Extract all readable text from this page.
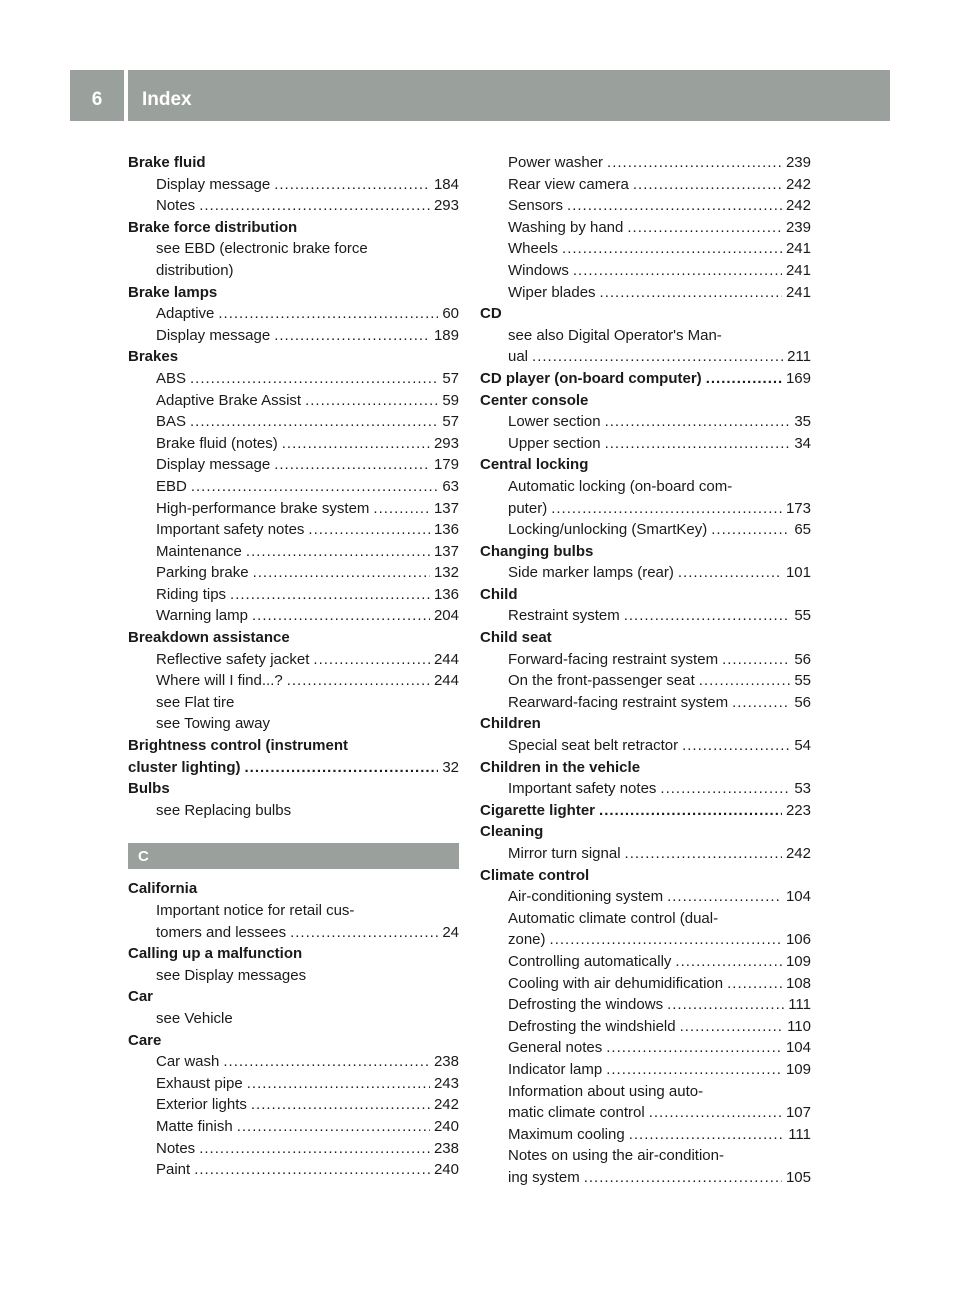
6	Index
Brake fluid
Display message .....	184
Notes .....	293
Brake force distribution
see EBD (electronic brake force
distribution)
Brake lamps
Adaptive .....	60
Display message .....	189
Brakes
ABS .....	57
Adaptive Brake Assist .....	59
BAS .....	57
Brake fluid (notes) .....	293
Display message .....	179
EBD .....	63
High-performance brake system .....	137
Important safety notes .....	136
Maintenance .....	137
Parking brake .....	132
Riding tips .....	136
Warning lamp .....	204
Breakdown assistance
Reflective safety jacket .....	244
Where will I find...? .....	244
see Flat tire
see Towing away
Brightness control (instrument
cluster lighting) .....	32
Bulbs
see Replacing bulbs
C
California
Important notice for retail cus-
tomers and lessees .....	24
Calling up a malfunction
see Display messages
Car
see Vehicle
Care
Car wash .....	238
Exhaust pipe .....	243
Exterior lights .....	242
Matte finish .....	240
Notes .....	238
Paint .....	240
Power washer .....	239
Rear view camera .....	242
Sensors .....	242
Washing by hand .....	239
Wheels .....	241
Windows .....	241
Wiper blades .....	241
CD
see also Digital Operator's Man-
ual .....	211
CD player (on-board computer) .....	169
Center console
Lower section .....	35
Upper section .....	34
Central locking
Automatic locking (on-board com-
puter) .....	173
Locking/unlocking (SmartKey) .....	65
Changing bulbs
Side marker lamps (rear) .....	101
Child
Restraint system .....	55
Child seat
Forward-facing restraint system .....	56
On the front-passenger seat .....	55
Rearward-facing restraint system .....	56
Children
Special seat belt retractor .....	54
Children in the vehicle
Important safety notes .....	53
Cigarette lighter .....	223
Cleaning
Mirror turn signal .....	242
Climate control
Air-conditioning system .....	104
Automatic climate control (dual-
zone) .....	106
Controlling automatically .....	109
Cooling with air dehumidification .....	108
Defrosting the windows .....	111
Defrosting the windshield .....	110
General notes .....	104
Indicator lamp .....	109
Information about using auto-
matic climate control .....	107
Maximum cooling .....	111
Notes on using the air-condition-
ing system .....	105
